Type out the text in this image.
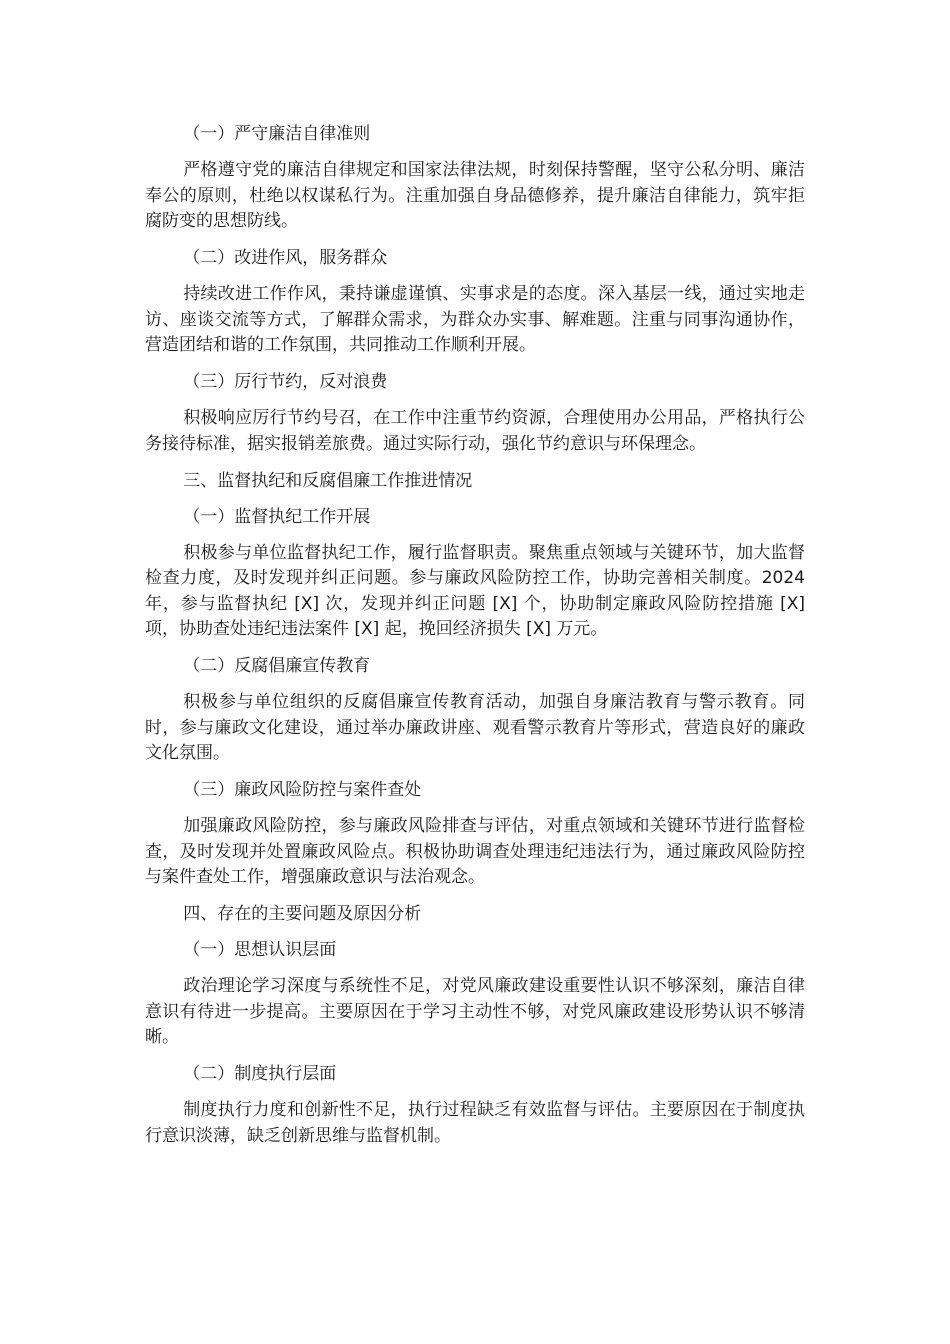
（一）严守廉洁自律准则
严格遵守党的廉洁自律规定和国家法律法规，时刻保持警醒，坚守公私分明、廉洁奉公的原则，杜绝以权谋私行为。注重加强自身品德修养，提升廉洁自律能力，筑牢拒腐防变的思想防线。
（二）改进作风，服务群众
持续改进工作作风，秉持谦虚谨慎、实事求是的态度。深入基层一线，通过实地走访、座谈交流等方式，了解群众需求，为群众办实事、解难题。注重与同事沟通协作，营造团结和谐的工作氛围，共同推动工作顺利开展。
（三）厉行节约，反对浪费
积极响应厉行节约号召，在工作中注重节约资源，合理使用办公用品，严格执行公务接待标准，据实报销差旅费。通过实际行动，强化节约意识与环保理念。
三、监督执纪和反腐倡廉工作推进情况
（一）监督执纪工作开展
积极参与单位监督执纪工作，履行监督职责。聚焦重点领域与关键环节，加大监督检查力度，及时发现并纠正问题。参与廉政风险防控工作，协助完善相关制度。2024 年，参与监督执纪 [X] 次，发现并纠正问题 [X] 个，协助制定廉政风险防控措施 [X] 项，协助查处违纪违法案件 [X] 起，挽回经济损失 [X] 万元。
（二）反腐倡廉宣传教育
积极参与单位组织的反腐倡廉宣传教育活动，加强自身廉洁教育与警示教育。同时，参与廉政文化建设，通过举办廉政讲座、观看警示教育片等形式，营造良好的廉政文化氛围。
（三）廉政风险防控与案件查处
加强廉政风险防控，参与廉政风险排查与评估，对重点领域和关键环节进行监督检查，及时发现并处置廉政风险点。积极协助调查处理违纪违法行为，通过廉政风险防控与案件查处工作，增强廉政意识与法治观念。
四、存在的主要问题及原因分析
（一）思想认识层面
政治理论学习深度与系统性不足，对党风廉政建设重要性认识不够深刻，廉洁自律意识有待进一步提高。主要原因在于学习主动性不够，对党风廉政建设形势认识不够清晰。
（二）制度执行层面
制度执行力度和创新性不足，执行过程缺乏有效监督与评估。主要原因在于制度执行意识淡薄，缺乏创新思维与监督机制。
